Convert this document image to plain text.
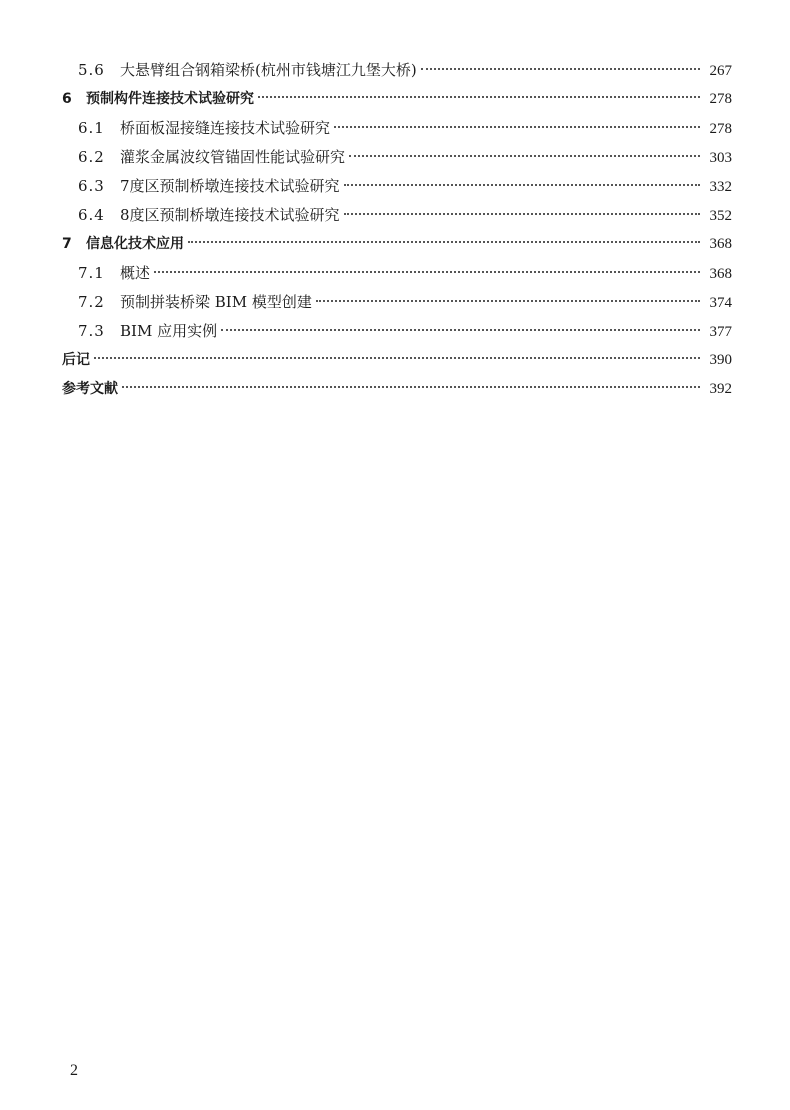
5.6	大悬臂组合钢箱梁桥(杭州市钱塘江九堡大桥)	267
6 预制构件连接技术试验研究	278
6.1	桥面板湿接缝连接技术试验研究	278
6.2	灌浆金属波纹管锚固性能试验研究	303
6.3	7度区预制桥墩连接技术试验研究	332
6.4	8度区预制桥墩连接技术试验研究	352
7 信息化技术应用	368
7.1	概述	368
7.2	预制拼装桥梁 BIM 模型创建	374
7.3	BIM 应用实例	377
后记	390
参考文献	392
2
